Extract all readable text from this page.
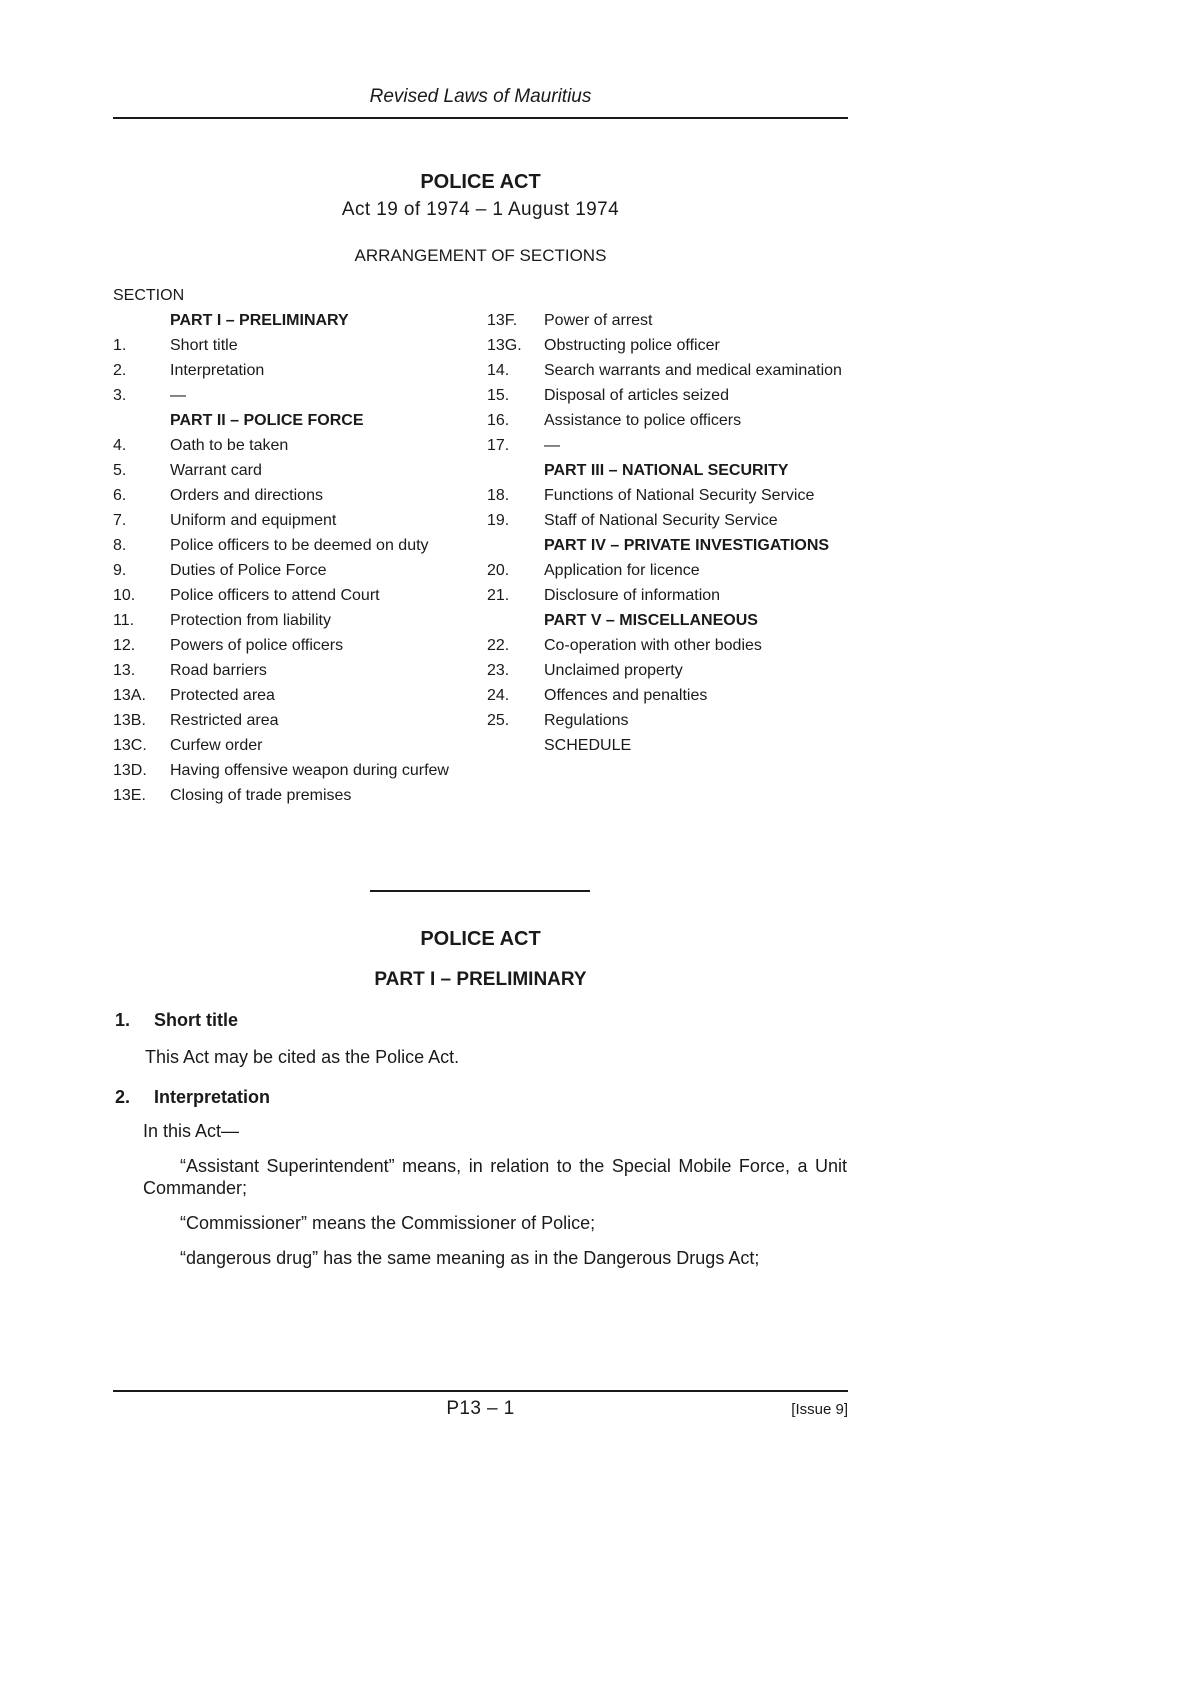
Revised Laws of Mauritius
POLICE ACT
Act 19 of 1974 – 1 August 1974
ARRANGEMENT OF SECTIONS
SECTION
PART I – PRELIMINARY
1.	Short title
2.	Interpretation
3.	—
PART II – POLICE FORCE
4.	Oath to be taken
5.	Warrant card
6.	Orders and directions
7.	Uniform and equipment
8.	Police officers to be deemed on duty
9.	Duties of Police Force
10.	Police officers to attend Court
11.	Protection from liability
12.	Powers of police officers
13.	Road barriers
13A.	Protected area
13B.	Restricted area
13C.	Curfew order
13D.	Having offensive weapon during curfew
13E.	Closing of trade premises
13F.	Power of arrest
13G.	Obstructing police officer
14.	Search warrants and medical examination
15.	Disposal of articles seized
16.	Assistance to police officers
17.	—
PART III – NATIONAL SECURITY
18.	Functions of National Security Service
19.	Staff of National Security Service
PART IV – PRIVATE INVESTIGATIONS
20.	Application for licence
21.	Disclosure of information
PART V – MISCELLANEOUS
22.	Co-operation with other bodies
23.	Unclaimed property
24.	Offences and penalties
25.	Regulations
SCHEDULE
POLICE ACT
PART I – PRELIMINARY
1. Short title
This Act may be cited as the Police Act.
2. Interpretation
In this Act—
“Assistant Superintendent” means, in relation to the Special Mobile Force, a Unit Commander;
“Commissioner” means the Commissioner of Police;
“dangerous drug” has the same meaning as in the Dangerous Drugs Act;
P13 – 1	[Issue 9]
